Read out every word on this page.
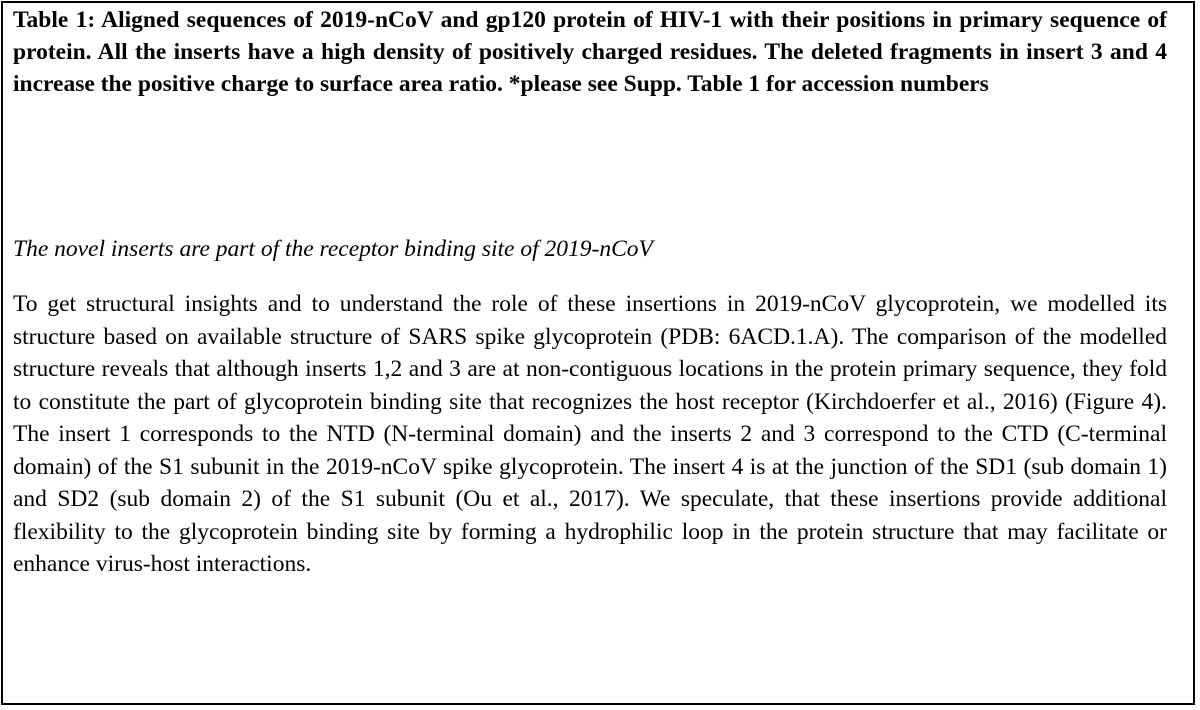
Table 1: Aligned sequences of 2019-nCoV and gp120 protein of HIV-1 with their positions in primary sequence of protein. All the inserts have a high density of positively charged residues. The deleted fragments in insert 3 and 4 increase the positive charge to surface area ratio. *please see Supp. Table 1 for accession numbers

The novel inserts are part of the receptor binding site of 2019-nCoV

To get structural insights and to understand the role of these insertions in 2019-nCoV glycoprotein, we modelled its structure based on available structure of SARS spike glycoprotein (PDB: 6ACD.1.A). The comparison of the modelled structure reveals that although inserts 1,2 and 3 are at non-contiguous locations in the protein primary sequence, they fold to constitute the part of glycoprotein binding site that recognizes the host receptor (Kirchdoerfer et al., 2016) (Figure 4). The insert 1 corresponds to the NTD (N-terminal domain) and the inserts 2 and 3 correspond to the CTD (C-terminal domain) of the S1 subunit in the 2019-nCoV spike glycoprotein. The insert 4 is at the junction of the SD1 (sub domain 1) and SD2 (sub domain 2) of the S1 subunit (Ou et al., 2017). We speculate, that these insertions provide additional flexibility to the glycoprotein binding site by forming a hydrophilic loop in the protein structure that may facilitate or enhance virus-host interactions.
